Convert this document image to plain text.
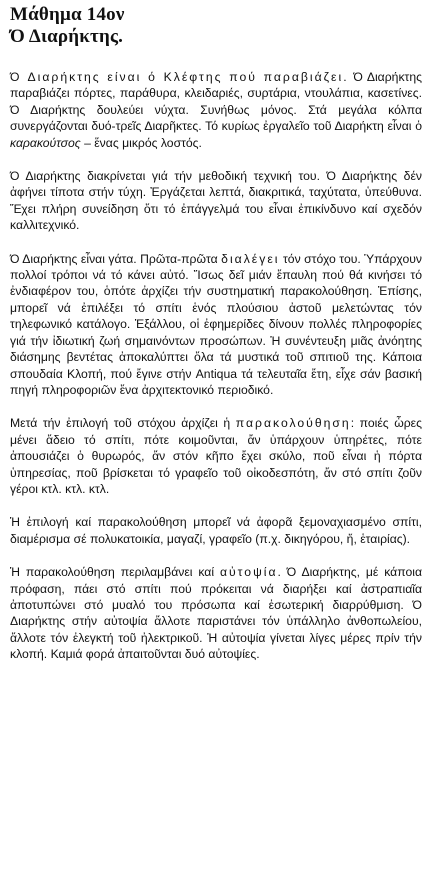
Μάθημα 14ον
Ό Διαρήκτης.

Ό Διαρήκτης είναι ό Κλέφτης πού παραβιάζει. Ό Διαρήκτης παραβιάζει πόρτες, παράθυρα, κλειδαριές, συρτάρια, ντουλάπια, κασετίνες. Ό Διαρήκτης δουλεύει νύχτα. Συνήθως μόνος. Στά μεγάλα κόλπα συνεργάζονται δυό-τρεῖς Διαρῆκτες. Τό κυρίως ἐργαλεῖο τοῦ Διαρήκτη εἶναι ὁ καρακούτσος – ἕνας μικρός λοστός.

Ό Διαρήκτης διακρίνεται γιά τήν μεθοδική τεχνική του. Ό Διαρήκτης δέν ἀφήνει τίποτα στήν τύχη. Ἐργάζεται λεπτά, διακριτικά, ταχύτατα, ὑπεύθυνα. Ἔχει πλήρη συνείδηση ὅτι τό ἐπάγγελμά του εἶναι ἐπικίνδυνο καί σχεδόν καλλιτεχνικό.

Ό Διαρήκτης εἶναι γάτα. Πρῶτα-πρῶτα διαλέγει τόν στόχο του. Ὑπάρχουν πολλοί τρόποι νά τό κάνει αὐτό. Ἴσως δεῖ μιάν ἔπαυλη πού θά κινήσει τό ἐνδιαφέρον του, ὁπότε ἀρχίζει τήν συστηματική παρακολούθηση. Ἐπίσης, μπορεῖ νά ἐπιλέξει τό σπίτι ἑνός πλούσιου ἀστοῦ μελετώντας τόν τηλεφωνικό κατάλογο. Ἐξάλλου, οἱ ἐφημερίδες δίνουν πολλές πληροφορίες γιά τήν ἰδιωτική ζωή σημαινόντων προσώπων. Ἡ συνέντευξη μιᾶς ἀνόητης διάσημης βεντέτας ἀποκαλύπτει ὅλα τά μυστικά τοῦ σπιτιοῦ της. Κάποια σπουδαία Κλοπή, πού ἔγινε στήν Antiqua τά τελευταῖα ἔτη, εἶχε σάν βασική πηγή πληροφοριῶν ἕνα ἀρχιτεκτονικό περιοδικό.

Μετά τήν ἐπιλογή τοῦ στόχου ἀρχίζει ἡ παρακολούθηση: ποιές ὧρες μένει ἄδειο τό σπίτι, πότε κοιμοῦνται, ἄν ὑπάρχουν ὑπηρέτες, πότε ἀπουσιάζει ὁ θυρωρός, ἄν στόν κῆπο ἔχει σκύλο, ποῦ εἶναι ἡ πόρτα ὑπηρεσίας, ποῦ βρίσκεται τό γραφεῖο τοῦ οἰκοδεσπότη, ἄν στό σπίτι ζοῦν γέροι κτλ. κτλ. κτλ.

Ἡ ἐπιλογή καί παρακολούθηση μπορεῖ νά ἀφορᾶ ξεμοναχιασμένο σπίτι, διαμέρισμα σέ πολυκατοικία, μαγαζί, γραφεῖο (π.χ. δικηγόρου, ἤ, ἑταιρίας).

Ἡ παρακολούθηση περιλαμβάνει καί αὐτοψία. Ό Διαρήκτης, μέ κάποια πρόφαση, πάει στό σπίτι πού πρόκειται νά διαρήξει καί ἀστραπιαῖα ἀποτυπώνει στό μυαλό του πρόσωπα καί ἐσωτερική διαρρύθμιση. Ό Διαρήκτης στήν αὐτοψία ἄλλοτε παριστάνει τόν ὑπάλληλο ἀνθοπωλείου, ἄλλοτε τόν ἐλεγκτή τοῦ ἠλεκτρικοῦ. Ἡ αὐτοψία γίνεται λίγες μέρες πρίν τήν κλοπή. Καμιά φορά ἀπαιτοῦνται δυό αὐτοψίες.
